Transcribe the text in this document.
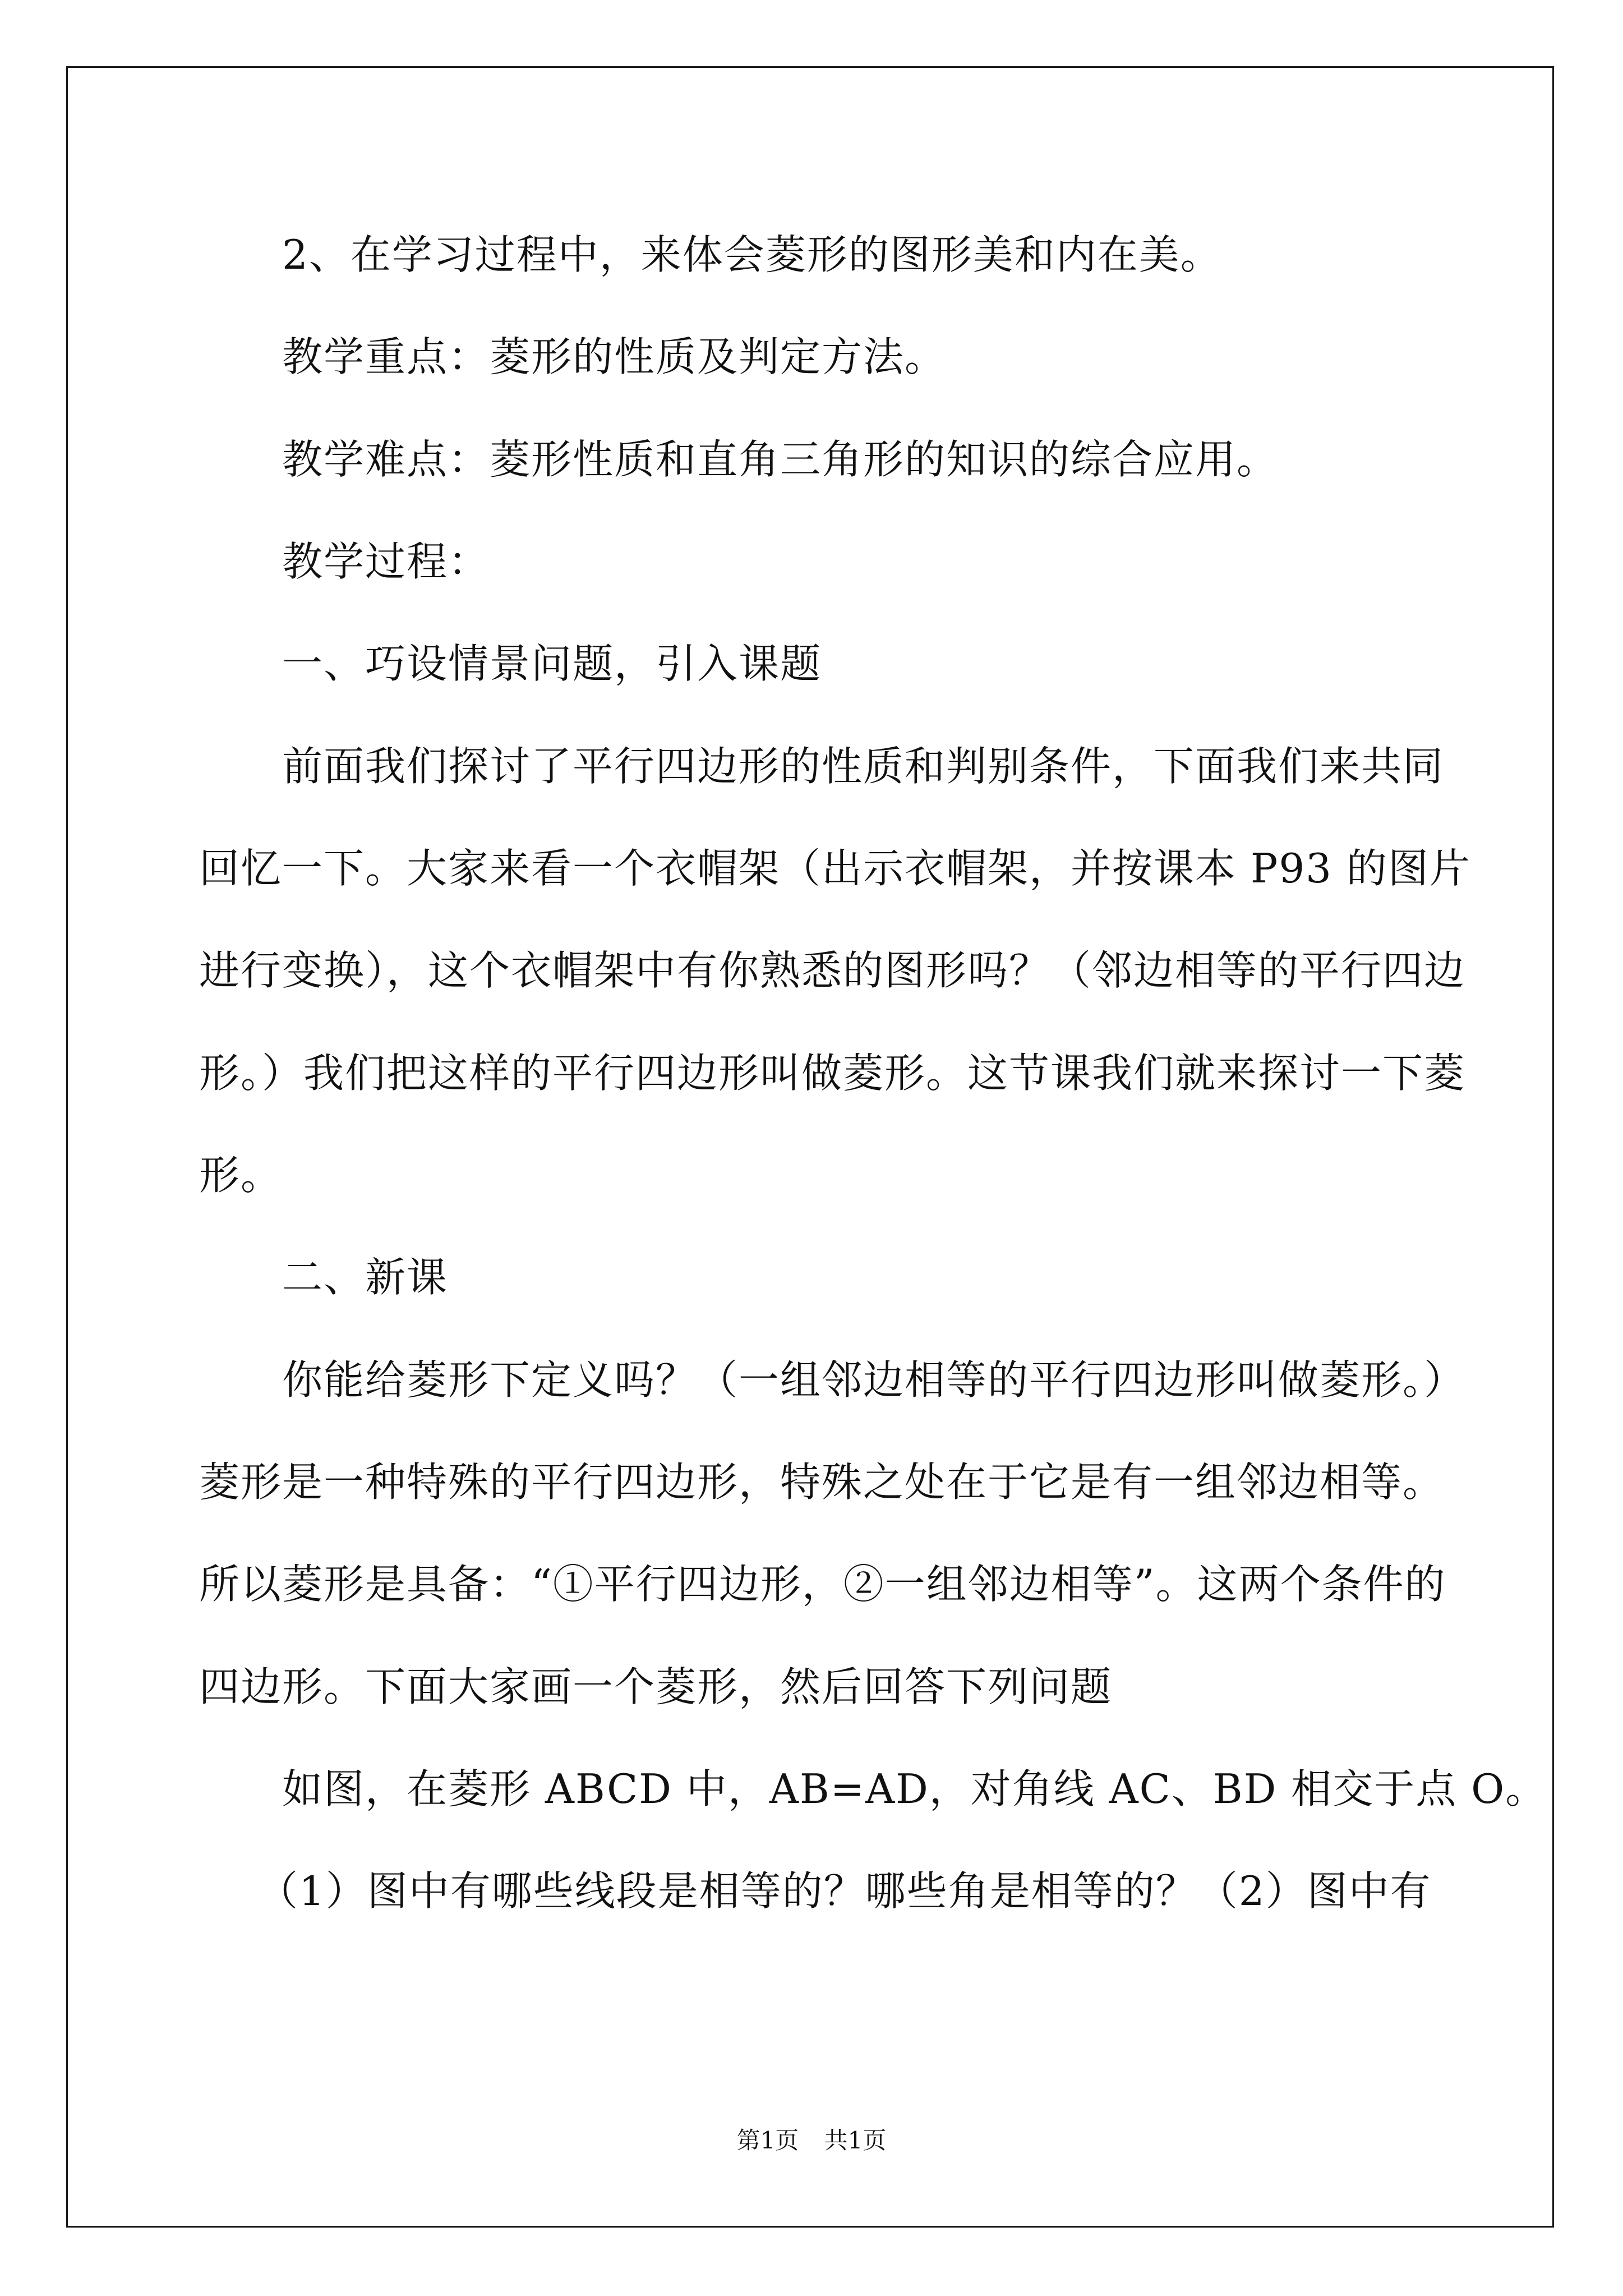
2、在学习过程中，来体会菱形的图形美和内在美。
教学重点：菱形的性质及判定方法。
教学难点：菱形性质和直角三角形的知识的综合应用。
教学过程：
一、巧设情景问题，引入课题
前面我们探讨了平行四边形的性质和判别条件，下面我们来共同
回忆一下。大家来看一个衣帽架（出示衣帽架，并按课本 P93 的图片
进行变换），这个衣帽架中有你熟悉的图形吗？（邻边相等的平行四边
形。）我们把这样的平行四边形叫做菱形。这节课我们就来探讨一下菱
形。
二、新课
你能给菱形下定义吗？（一组邻边相等的平行四边形叫做菱形。）
菱形是一种特殊的平行四边形，特殊之处在于它是有一组邻边相等。
所以菱形是具备：“①平行四边形，②一组邻边相等”。这两个条件的
四边形。下面大家画一个菱形，然后回答下列问题
如图，在菱形 ABCD 中，AB=AD，对角线 AC、BD 相交于点 O。
（1）图中有哪些线段是相等的？哪些角是相等的？（2）图中有
第1页 共1页
